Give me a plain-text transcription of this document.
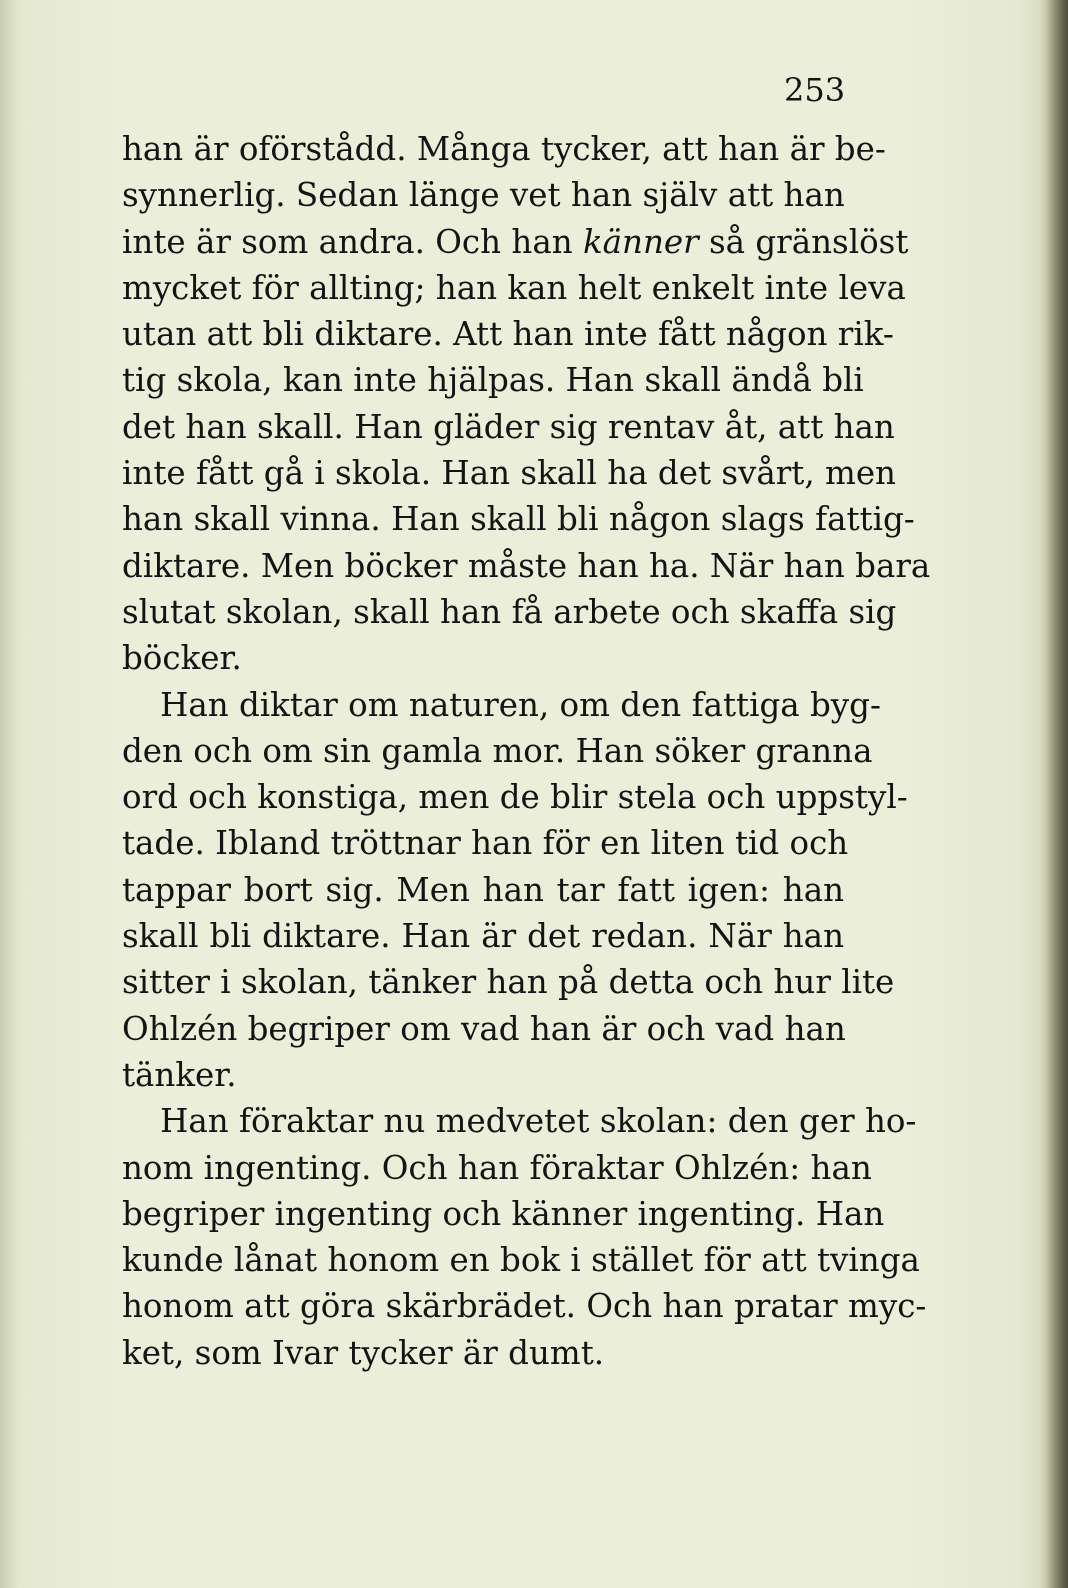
253
han är oförstådd. Många tycker, att han är be-
synnerlig. Sedan länge vet han själv att han
inte är som andra. Och han känner så gränslöst
mycket för allting; han kan helt enkelt inte leva
utan att bli diktare. Att han inte fått någon rik-
tig skola, kan inte hjälpas. Han skall ändå bli
det han skall. Han gläder sig rentav åt, att han
inte fått gå i skola. Han skall ha det svårt, men
han skall vinna. Han skall bli någon slags fattig-
diktare. Men böcker måste han ha. När han bara
slutat skolan, skall han få arbete och skaffa sig
böcker.
Han diktar om naturen, om den fattiga byg-
den och om sin gamla mor. Han söker granna
ord och konstiga, men de blir stela och uppstyl-
tade. Ibland tröttnar han för en liten tid och
tappar bort sig. Men han tar fatt igen: han
skall bli diktare. Han är det redan. När han
sitter i skolan, tänker han på detta och hur lite
Ohlzén begriper om vad han är och vad han
tänker.
Han föraktar nu medvetet skolan: den ger ho-
nom ingenting. Och han föraktar Ohlzén: han
begriper ingenting och känner ingenting. Han
kunde lånat honom en bok i stället för att tvinga
honom att göra skärbrädet. Och han pratar myc-
ket, som Ivar tycker är dumt.
